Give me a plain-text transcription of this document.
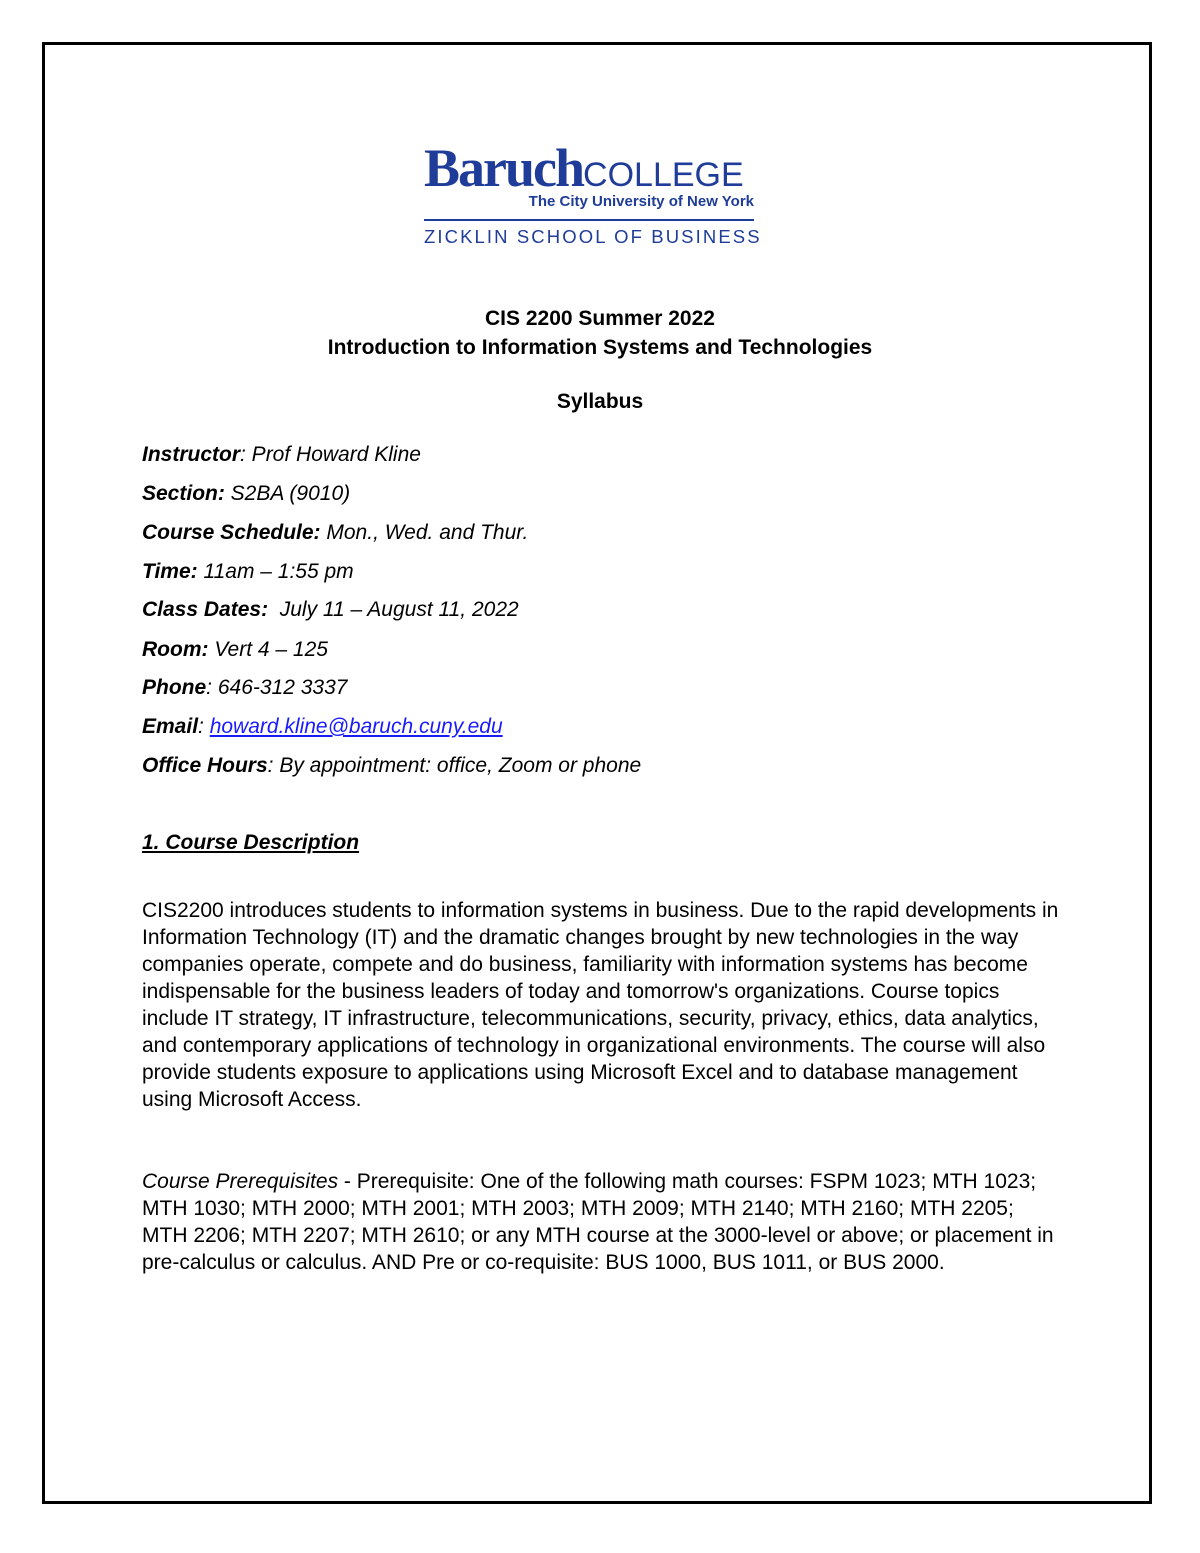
BaruchCOLLEGE
The City University of New York
ZICKLIN SCHOOL OF BUSINESS
CIS 2200 Summer 2022
Introduction to Information Systems and Technologies
Syllabus
Instructor: Prof Howard Kline
Section: S2BA (9010)
Course Schedule: Mon., Wed. and Thur.
Time: 11am – 1:55 pm
Class Dates:  July 11 – August 11, 2022
Room: Vert 4 – 125
Phone: 646-312 3337
Email: howard.kline@baruch.cuny.edu
Office Hours: By appointment: office, Zoom or phone
1. Course Description

CIS2200 introduces students to information systems in business. Due to the rapid developments in Information Technology (IT) and the dramatic changes brought by new technologies in the way companies operate, compete and do business, familiarity with information systems has become indispensable for the business leaders of today and tomorrow's organizations. Course topics include IT strategy, IT infrastructure, telecommunications, security, privacy, ethics, data analytics, and contemporary applications of technology in organizational environments. The course will also provide students exposure to applications using Microsoft Excel and to database management using Microsoft Access.

Course Prerequisites - Prerequisite: One of the following math courses: FSPM 1023; MTH 1023; MTH 1030; MTH 2000; MTH 2001; MTH 2003; MTH 2009; MTH 2140; MTH 2160; MTH 2205; MTH 2206; MTH 2207; MTH 2610; or any MTH course at the 3000-level or above; or placement in pre-calculus or calculus. AND Pre or co-requisite: BUS 1000, BUS 1011, or BUS 2000.
